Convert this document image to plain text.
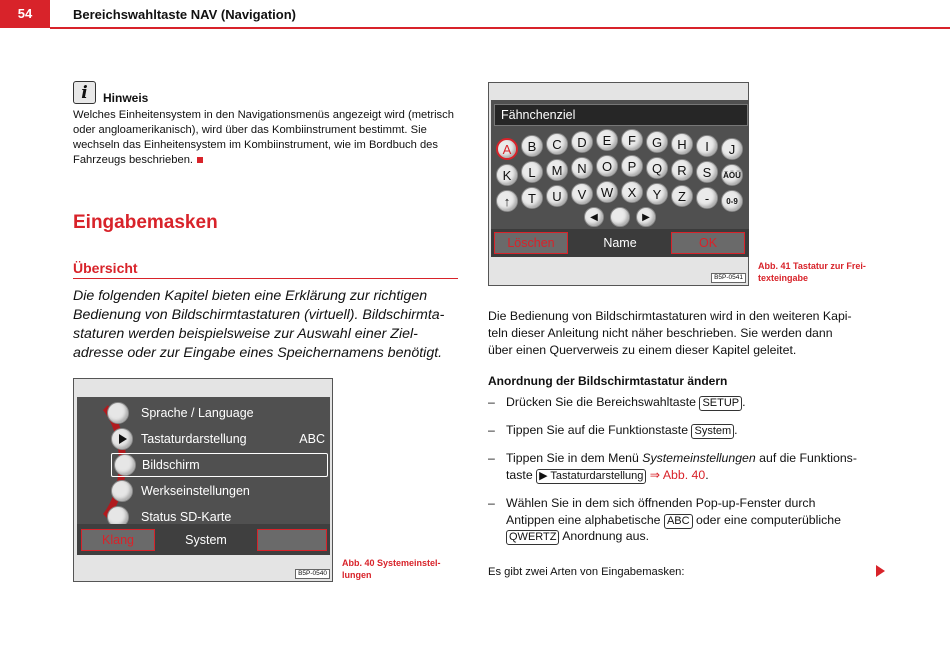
54	Bereichswahltaste NAV (Navigation)
i Hinweis
Welches Einheitensystem in den Navigationsmenüs angezeigt wird (metrisch
oder angloamerikanisch), wird über das Kombiinstrument bestimmt. Sie
wechseln das Einheitensystem im Kombiinstrument, wie im Bordbuch des
Fahrzeugs beschrieben.
Eingabemasken
Übersicht
Die folgenden Kapitel bieten eine Erklärung zur richtigen
Bedienung von Bildschirmtastaturen (virtuell). Bildschirmta-
staturen werden beispielsweise zur Auswahl einer Ziel-
adresse oder zur Eingabe eines Speichernamens benötigt.
Sprache / Language
Tastaturdarstellung	ABC
Bildschirm
Werkseinstellungen
Status SD-Karte
Klang	System
B5P-0540
Abb. 40 Systemeinstel-
lungen
Fähnchenziel
A	B	C	D	E	F	G	H	I	J
K	L	M	N	O	P	Q	R	S	ÄÖÜ
↑	T	U	V	W	X	Y	Z	-	0-9
◀	▶
Löschen	Name	OK
B5P-0541
Abb. 41 Tastatur zur Frei-
texteingabe
Die Bedienung von Bildschirmtastaturen wird in den weiteren Kapi-
teln dieser Anleitung nicht näher beschrieben. Sie werden dann
über einen Querverweis zu einem dieser Kapitel geleitet.
Anordnung der Bildschirmtastatur ändern
– Drücken Sie die Bereichswahltaste SETUP .
– Tippen Sie auf die Funktionstaste System .
– Tippen Sie in dem Menü Systemeinstellungen auf die Funktions-
taste ▶ Tastaturdarstellung ⇒ Abb. 40.
– Wählen Sie in dem sich öffnenden Pop-up-Fenster durch
Antippen eine alphabetische ABC oder eine computerübliche
QWERTZ Anordnung aus.
Es gibt zwei Arten von Eingabemasken:
